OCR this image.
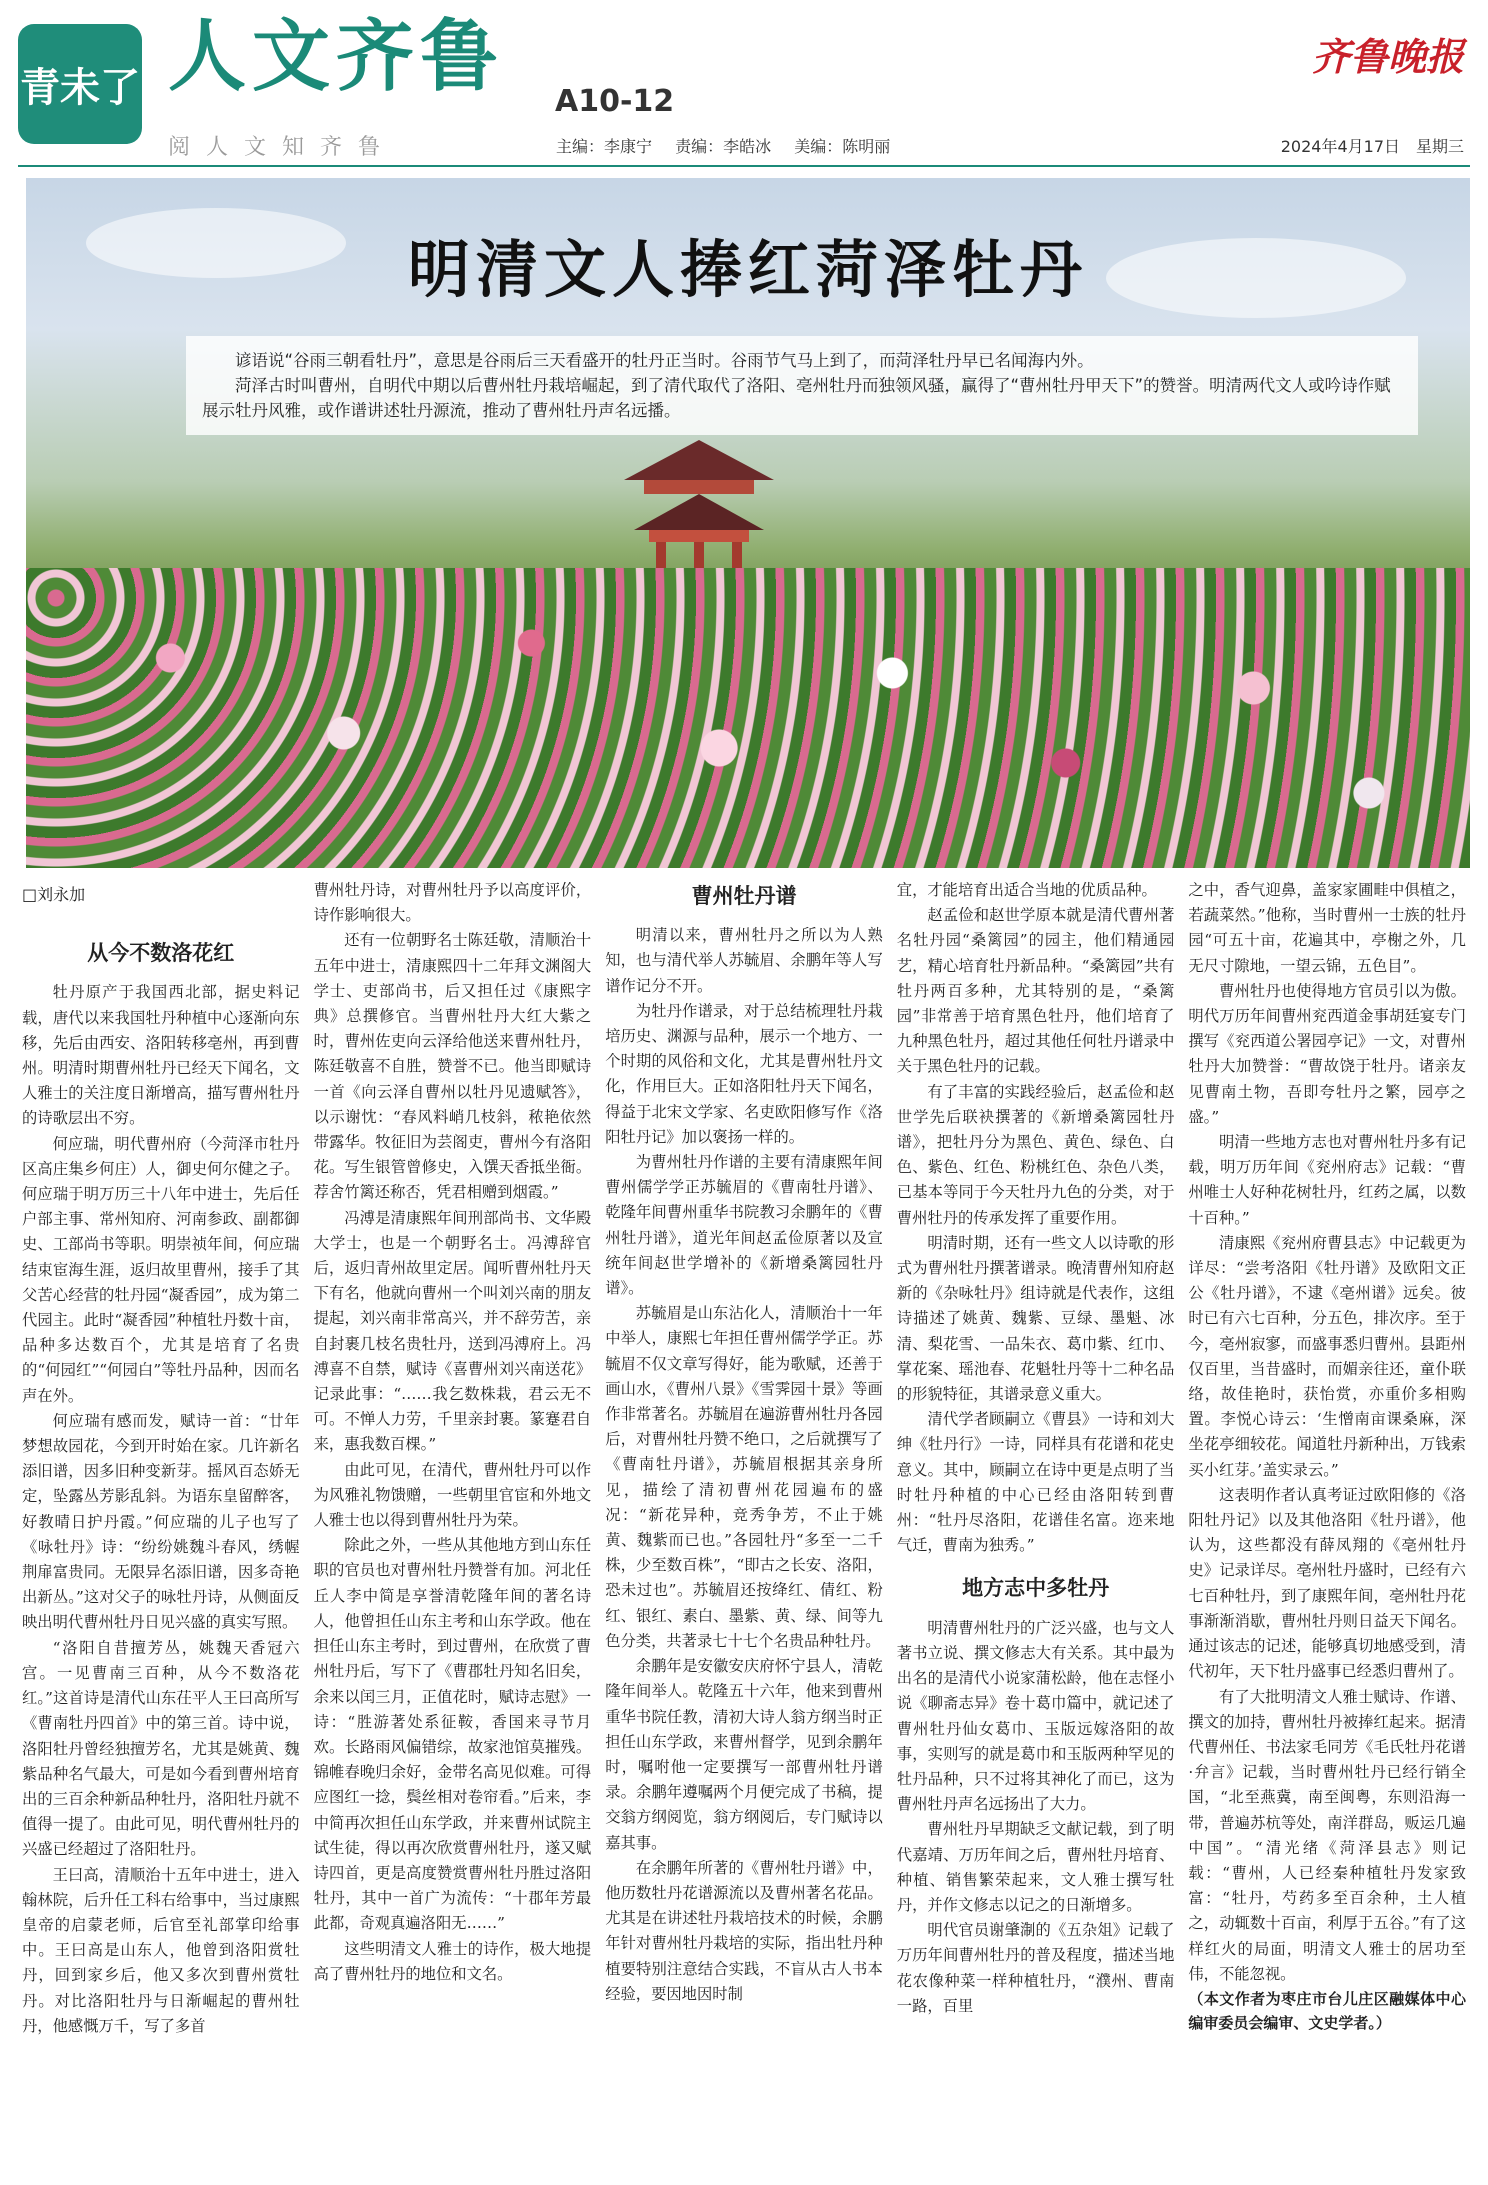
青未了 人文齐鲁 A10-12
齐鲁晚报
阅人文知齐鲁	主编：李康宁 责编：李皓冰 美编：陈明丽	2024年4月17日　星期三
明清文人捧红菏泽牡丹

谚语说“谷雨三朝看牡丹”，意思是谷雨后三天看盛开的牡丹正当时。谷雨节气马上到了，而菏泽牡丹早已名闻海内外。

菏泽古时叫曹州，自明代中期以后曹州牡丹栽培崛起，到了清代取代了洛阳、亳州牡丹而独领风骚，赢得了“曹州牡丹甲天下”的赞誉。明清两代文人或吟诗作赋展示牡丹风雅，或作谱讲述牡丹源流，推动了曹州牡丹声名远播。

□刘永加
从今不数洛花红

牡丹原产于我国西北部，据史料记载，唐代以来我国牡丹种植中心逐渐向东移，先后由西安、洛阳转移亳州，再到曹州。明清时期曹州牡丹已经天下闻名，文人雅士的关注度日渐增高，描写曹州牡丹的诗歌层出不穷。

何应瑞，明代曹州府（今菏泽市牡丹区高庄集乡何庄）人，御史何尔健之子。何应瑞于明万历三十八年中进士，先后任户部主事、常州知府、河南参政、副都御史、工部尚书等职。明崇祯年间，何应瑞结束宦海生涯，返归故里曹州，接手了其父苦心经营的牡丹园“凝香园”，成为第二代园主。此时“凝香园”种植牡丹数十亩，品种多达数百个，尤其是培育了名贵的“何园红”“何园白”等牡丹品种，因而名声在外。

何应瑞有感而发，赋诗一首：“廿年梦想故园花，今到开时始在家。几许新名添旧谱，因多旧种变新芽。摇风百态娇无定，坠露丛芳影乱斜。为语东皇留醉客，好教晴日护丹霞。”何应瑞的儿子也写了《咏牡丹》诗：“纷纷姚魏斗春风，绣幄荆扉富贵同。无限异名添旧谱，因多奇艳出新丛。”这对父子的咏牡丹诗，从侧面反映出明代曹州牡丹日见兴盛的真实写照。

“洛阳自昔擅芳丛，姚魏天香冠六宫。一见曹南三百种，从今不数洛花红。”这首诗是清代山东茌平人王曰高所写《曹南牡丹四首》中的第三首。诗中说，洛阳牡丹曾经独擅芳名，尤其是姚黄、魏紫品种名气最大，可是如今看到曹州培育出的三百余种新品种牡丹，洛阳牡丹就不值得一提了。由此可见，明代曹州牡丹的兴盛已经超过了洛阳牡丹。

王曰高，清顺治十五年中进士，进入翰林院，后升任工科右给事中，当过康熙皇帝的启蒙老师，后官至礼部掌印给事中。王曰高是山东人，他曾到洛阳赏牡丹，回到家乡后，他又多次到曹州赏牡丹。对比洛阳牡丹与日渐崛起的曹州牡丹，他感慨万千，写了多首

曹州牡丹诗，对曹州牡丹予以高度评价，诗作影响很大。

还有一位朝野名士陈廷敬，清顺治十五年中进士，清康熙四十二年拜文渊阁大学士、吏部尚书，后又担任过《康熙字典》总撰修官。当曹州牡丹大红大紫之时，曹州佐吏向云泽给他送来曹州牡丹，陈廷敬喜不自胜，赞誉不已。他当即赋诗一首《向云泽自曹州以牡丹见遗赋答》，以示谢忱：“春风料峭几枝斜，秾艳依然带露华。牧征旧为芸阁吏，曹州今有洛阳花。写生银管曾修史，入馔天香抵坐衙。荐舍竹篱还称否，凭君相赠到烟霞。”

冯溥是清康熙年间刑部尚书、文华殿大学士，也是一个朝野名士。冯溥辞官后，返归青州故里定居。闻听曹州牡丹天下有名，他就向曹州一个叫刘兴南的朋友提起，刘兴南非常高兴，并不辞劳苦，亲自封裹几枝名贵牡丹，送到冯溥府上。冯溥喜不自禁，赋诗《喜曹州刘兴南送花》记录此事：“……我乞数株栽，君云无不可。不惮人力劳，千里亲封裹。篆蹇君自来，惠我数百棵。”

由此可见，在清代，曹州牡丹可以作为风雅礼物馈赠，一些朝里官宦和外地文人雅士也以得到曹州牡丹为荣。

除此之外，一些从其他地方到山东任职的官员也对曹州牡丹赞誉有加。河北任丘人李中简是享誉清乾隆年间的著名诗人，他曾担任山东主考和山东学政。他在担任山东主考时，到过曹州，在欣赏了曹州牡丹后，写下了《曹郡牡丹知名旧矣，余来以闰三月，正值花时，赋诗志慰》一诗：“胜游著处系征鞍，香国来寻节月欢。长路雨风偏错综，故家池馆莫摧残。锦帷春晚归余好，金带名高见似难。可得应图红一捻，鬓丝相对卷帘看。”后来，李中简再次担任山东学政，并来曹州试院主试生徒，得以再次欣赏曹州牡丹，遂又赋诗四首，更是高度赞赏曹州牡丹胜过洛阳牡丹，其中一首广为流传：“十郡年芳最此都，奇观真遍洛阳无……”

这些明清文人雅士的诗作，极大地提高了曹州牡丹的地位和文名。

曹州牡丹谱

明清以来，曹州牡丹之所以为人熟知，也与清代举人苏毓眉、余鹏年等人写谱作记分不开。

为牡丹作谱录，对于总结梳理牡丹栽培历史、渊源与品种，展示一个地方、一个时期的风俗和文化，尤其是曹州牡丹文化，作用巨大。正如洛阳牡丹天下闻名，得益于北宋文学家、名吏欧阳修写作《洛阳牡丹记》加以褒扬一样的。

为曹州牡丹作谱的主要有清康熙年间曹州儒学学正苏毓眉的《曹南牡丹谱》、乾隆年间曹州重华书院教习余鹏年的《曹州牡丹谱》，道光年间赵孟俭原著以及宣统年间赵世学增补的《新增桑篱园牡丹谱》。

苏毓眉是山东沾化人，清顺治十一年中举人，康熙七年担任曹州儒学学正。苏毓眉不仅文章写得好，能为歌赋，还善于画山水，《曹州八景》《雪霁园十景》等画作非常著名。苏毓眉在遍游曹州牡丹各园后，对曹州牡丹赞不绝口，之后就撰写了《曹南牡丹谱》，苏毓眉根据其亲身所见，描绘了清初曹州花园遍布的盛况：“新花异种，竞秀争芳，不止于姚黄、魏紫而已也。”各园牡丹“多至一二千株，少至数百株”，“即古之长安、洛阳，恐未过也”。苏毓眉还按绛红、倩红、粉红、银红、素白、墨紫、黄、绿、间等九色分类，共著录七十七个名贵品种牡丹。

余鹏年是安徽安庆府怀宁县人，清乾隆年间举人。乾隆五十六年，他来到曹州重华书院任教，清初大诗人翁方纲当时正担任山东学政，来曹州督学，见到余鹏年时，嘱咐他一定要撰写一部曹州牡丹谱录。余鹏年遵嘱两个月便完成了书稿，提交翁方纲阅览，翁方纲阅后，专门赋诗以嘉其事。

在余鹏年所著的《曹州牡丹谱》中，他历数牡丹花谱源流以及曹州著名花品。尤其是在讲述牡丹栽培技术的时候，余鹏年针对曹州牡丹栽培的实际，指出牡丹种植要特别注意结合实践，不盲从古人书本经验，要因地因时制

宜，才能培育出适合当地的优质品种。

赵孟俭和赵世学原本就是清代曹州著名牡丹园“桑篱园”的园主，他们精通园艺，精心培育牡丹新品种。“桑篱园”共有牡丹两百多种，尤其特别的是，“桑篱园”非常善于培育黑色牡丹，他们培育了九种黑色牡丹，超过其他任何牡丹谱录中关于黑色牡丹的记载。

有了丰富的实践经验后，赵孟俭和赵世学先后联袂撰著的《新增桑篱园牡丹谱》，把牡丹分为黑色、黄色、绿色、白色、紫色、红色、粉桃红色、杂色八类，已基本等同于今天牡丹九色的分类，对于曹州牡丹的传承发挥了重要作用。

明清时期，还有一些文人以诗歌的形式为曹州牡丹撰著谱录。晚清曹州知府赵新的《杂咏牡丹》组诗就是代表作，这组诗描述了姚黄、魏紫、豆绿、墨魁、冰清、梨花雪、一品朱衣、葛巾紫、红巾、掌花案、瑶池春、花魁牡丹等十二种名品的形貌特征，其谱录意义重大。

清代学者顾嗣立《曹县》一诗和刘大绅《牡丹行》一诗，同样具有花谱和花史意义。其中，顾嗣立在诗中更是点明了当时牡丹种植的中心已经由洛阳转到曹州：“牡丹尽洛阳，花谱佳名富。迩来地气迁，曹南为独秀。”

地方志中多牡丹

明清曹州牡丹的广泛兴盛，也与文人著书立说、撰文修志大有关系。其中最为出名的是清代小说家蒲松龄，他在志怪小说《聊斋志异》卷十葛巾篇中，就记述了曹州牡丹仙女葛巾、玉版远嫁洛阳的故事，实则写的就是葛巾和玉版两种罕见的牡丹品种，只不过将其神化了而已，这为曹州牡丹声名远扬出了大力。

曹州牡丹早期缺乏文献记载，到了明代嘉靖、万历年间之后，曹州牡丹培育、种植、销售繁荣起来，文人雅士撰写牡丹，并作文修志以记之的日渐增多。

明代官员谢肇淛的《五杂俎》记载了万历年间曹州牡丹的普及程度，描述当地花农像种菜一样种植牡丹，“濮州、曹南一路，百里

之中，香气迎鼻，盖家家圃畦中俱植之，若蔬菜然。”他称，当时曹州一士族的牡丹园“可五十亩，花遍其中，亭榭之外，几无尺寸隙地，一望云锦，五色目”。

曹州牡丹也使得地方官员引以为傲。明代万历年间曹州兖西道金事胡廷宴专门撰写《兖西道公署园亭记》一文，对曹州牡丹大加赞誉：“曹故饶于牡丹。诸亲友见曹南土物，吾即夸牡丹之繁，园亭之盛。”

明清一些地方志也对曹州牡丹多有记载，明万历年间《兖州府志》记载：“曹州唯士人好种花树牡丹，红药之属，以数十百种。”

清康熙《兖州府曹县志》中记载更为详尽：“尝考洛阳《牡丹谱》及欧阳文正公《牡丹谱》，不逮《亳州谱》远矣。彼时已有六七百种，分五色，排次序。至于今，亳州寂寥，而盛事悉归曹州。县距州仅百里，当昔盛时，而媚亲往还，童仆联络，故佳艳时，获怡赏，亦重价多相购置。李悦心诗云：‘生憎南亩课桑麻，深坐花亭细较花。闻道牡丹新种出，万钱索买小红芽。’盖实录云。”

这表明作者认真考证过欧阳修的《洛阳牡丹记》以及其他洛阳《牡丹谱》，他认为，这些都没有薛凤翔的《亳州牡丹史》记录详尽。亳州牡丹盛时，已经有六七百种牡丹，到了康熙年间，亳州牡丹花事渐渐消歇，曹州牡丹则日益天下闻名。通过该志的记述，能够真切地感受到，清代初年，天下牡丹盛事已经悉归曹州了。

有了大批明清文人雅士赋诗、作谱、撰文的加持，曹州牡丹被捧红起来。据清代曹州任、书法家毛同芳《毛氏牡丹花谱·弁言》记载，当时曹州牡丹已经行销全国，“北至燕冀，南至闽粤，东则沿海一带，普遍苏杭等处，南洋群岛，贩运几遍中国”。“清光绪《菏泽县志》则记载：“曹州，人已经秦种植牡丹发家致富：“牡丹，芍药多至百余种，土人植之，动辄数十百亩，利厚于五谷。”有了这样红火的局面，明清文人雅士的居功至伟，不能忽视。

（本文作者为枣庄市台儿庄区融媒体中心编审委员会编审、文史学者。）
